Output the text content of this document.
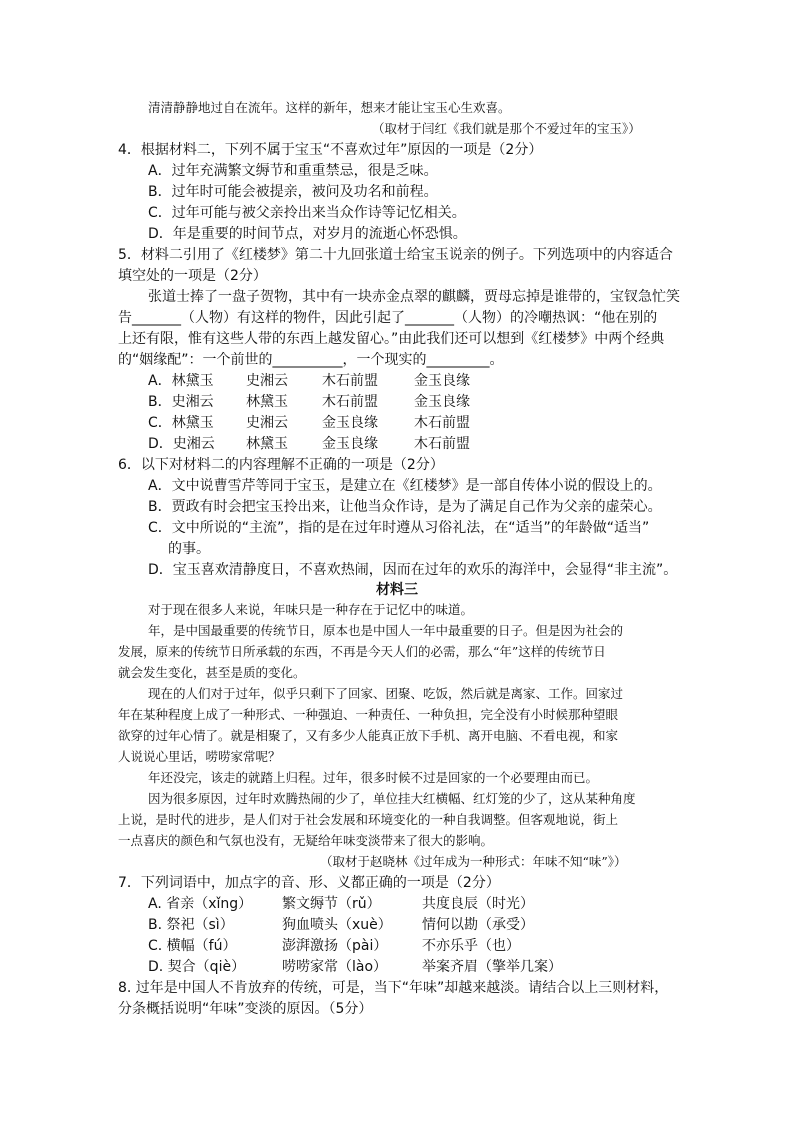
清清静静地过自在流年。这样的新年，想来才能让宝玉心生欢喜。
（取材于闫红《我们就是那个不爱过年的宝玉》）
4．根据材料二，下列不属于宝玉“不喜欢过年”原因的一项是（2分）
A．过年充满繁文缛节和重重禁忌，很是乏味。
B．过年时可能会被提亲，被问及功名和前程。
C．过年可能与被父亲拎出来当众作诗等记忆相关。
D．年是重要的时间节点，对岁月的流逝心怀恐惧。
5．材料二引用了《红楼梦》第二十九回张道士给宝玉说亲的例子。下列选项中的内容适合
填空处的一项是（2分）
张道士捧了一盘子贺物，其中有一块赤金点翠的麒麟，贾母忘掉是谁带的，宝钗急忙笑
告_______（人物）有这样的物件，因此引起了_______（人物）的冷嘲热讽：“他在别的
上还有限，惟有这些人带的东西上越发留心。”由此我们还可以想到《红楼梦》中两个经典
的“姻缘配”：一个前世的__________，一个现实的_________。
A．林黛玉 史湘云 木石前盟	金玉良缘
B．史湘云 林黛玉 木石前盟	金玉良缘
C．林黛玉 史湘云 金玉良缘	木石前盟
D．史湘云 林黛玉 金玉良缘	木石前盟
6．以下对材料二的内容理解不正确的一项是（2分）
A．文中说曹雪芹等同于宝玉，是建立在《红楼梦》是一部自传体小说的假设上的。
B．贾政有时会把宝玉拎出来，让他当众作诗，是为了满足自己作为父亲的虚荣心。
C．文中所说的“主流”，指的是在过年时遵从习俗礼法，在“适当”的年龄做“适当”
的事。
D．宝玉喜欢清静度日，不喜欢热闹，因而在过年的欢乐的海洋中，会显得“非主流”。
材料三
对于现在很多人来说，年味只是一种存在于记忆中的味道。
年，是中国最重要的传统节日，原本也是中国人一年中最重要的日子。但是因为社会的
发展，原来的传统节日所承载的东西，不再是今天人们的必需，那么“年”这样的传统节日
就会发生变化，甚至是质的变化。
现在的人们对于过年，似乎只剩下了回家、团聚、吃饭，然后就是离家、工作。回家过
年在某种程度上成了一种形式、一种强迫、一种责任、一种负担，完全没有小时候那种望眼
欲穿的过年心情了。就是相聚了，又有多少人能真正放下手机、离开电脑、不看电视，和家
人说说心里话，唠唠家常呢？
年还没完，该走的就踏上归程。过年，很多时候不过是回家的一个必要理由而已。
因为很多原因，过年时欢腾热闹的少了，单位挂大红横幅、红灯笼的少了，这从某种角度
上说，是时代的进步，是人们对于社会发展和环境变化的一种自我调整。但客观地说，街上
一点喜庆的颜色和气氛也没有，无疑给年味变淡带来了很大的影响。
（取材于赵晓林《过年成为一种形式：年味不知“味”》）
7．下列词语中，加点字的音、形、义都正确的一项是（2分）
A. 省亲（xǐng） 繁文缛节（rǔ）	共度良辰（时光）
B. 祭祀（sì）	狗血喷头（xuè） 情何以勘（承受）
C. 横幅（fú）	澎湃激扬（pài） 不亦乐乎（也）
D. 契合（qiè）	唠唠家常（lào） 举案齐眉（擎举几案）
8. 过年是中国人不肯放弃的传统，可是，当下“年味”却越来越淡。请结合以上三则材料，
分条概括说明“年味”变淡的原因。（5分）
